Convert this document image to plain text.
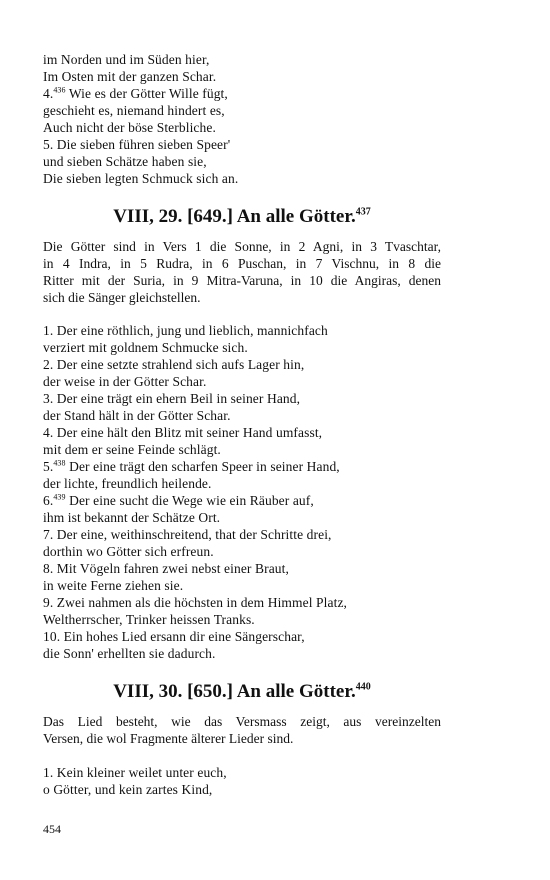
im Norden und im Süden hier,
Im Osten mit der ganzen Schar.
4.$^{436}$ Wie es der Götter Wille fügt,
geschieht es, niemand hindert es,
Auch nicht der böse Sterbliche.
5. Die sieben führen sieben Speer'
und sieben Schätze haben sie,
Die sieben legten Schmuck sich an.
VIII, 29. [649.] An alle Götter.$^{437}$
Die Götter sind in Vers 1 die Sonne, in 2 Agni, in 3 Tvaschtar,
in 4 Indra, in 5 Rudra, in 6 Puschan, in 7 Vischnu, in 8 die
Ritter mit der Suria, in 9 Mitra-Varuna, in 10 die Angiras, denen
sich die Sänger gleichstellen.
1. Der eine röthlich, jung und lieblich, mannichfach
verziert mit goldnem Schmucke sich.
2. Der eine setzte strahlend sich aufs Lager hin,
der weise in der Götter Schar.
3. Der eine trägt ein ehern Beil in seiner Hand,
der Stand hält in der Götter Schar.
4. Der eine hält den Blitz mit seiner Hand umfasst,
mit dem er seine Feinde schlägt.
5.$^{438}$ Der eine trägt den scharfen Speer in seiner Hand,
der lichte, freundlich heilende.
6.$^{439}$ Der eine sucht die Wege wie ein Räuber auf,
ihm ist bekannt der Schätze Ort.
7. Der eine, weithinschreitend, that der Schritte drei,
dorthin wo Götter sich erfreun.
8. Mit Vögeln fahren zwei nebst einer Braut,
in weite Ferne ziehen sie.
9. Zwei nahmen als die höchsten in dem Himmel Platz,
Weltherrscher, Trinker heissen Tranks.
10. Ein hohes Lied ersann dir eine Sängerschar,
die Sonn' erhellten sie dadurch.
VIII, 30. [650.] An alle Götter.$^{440}$
Das Lied besteht, wie das Versmass zeigt, aus vereinzelten
Versen, die wol Fragmente älterer Lieder sind.
1. Kein kleiner weilet unter euch,
o Götter, und kein zartes Kind,
454
